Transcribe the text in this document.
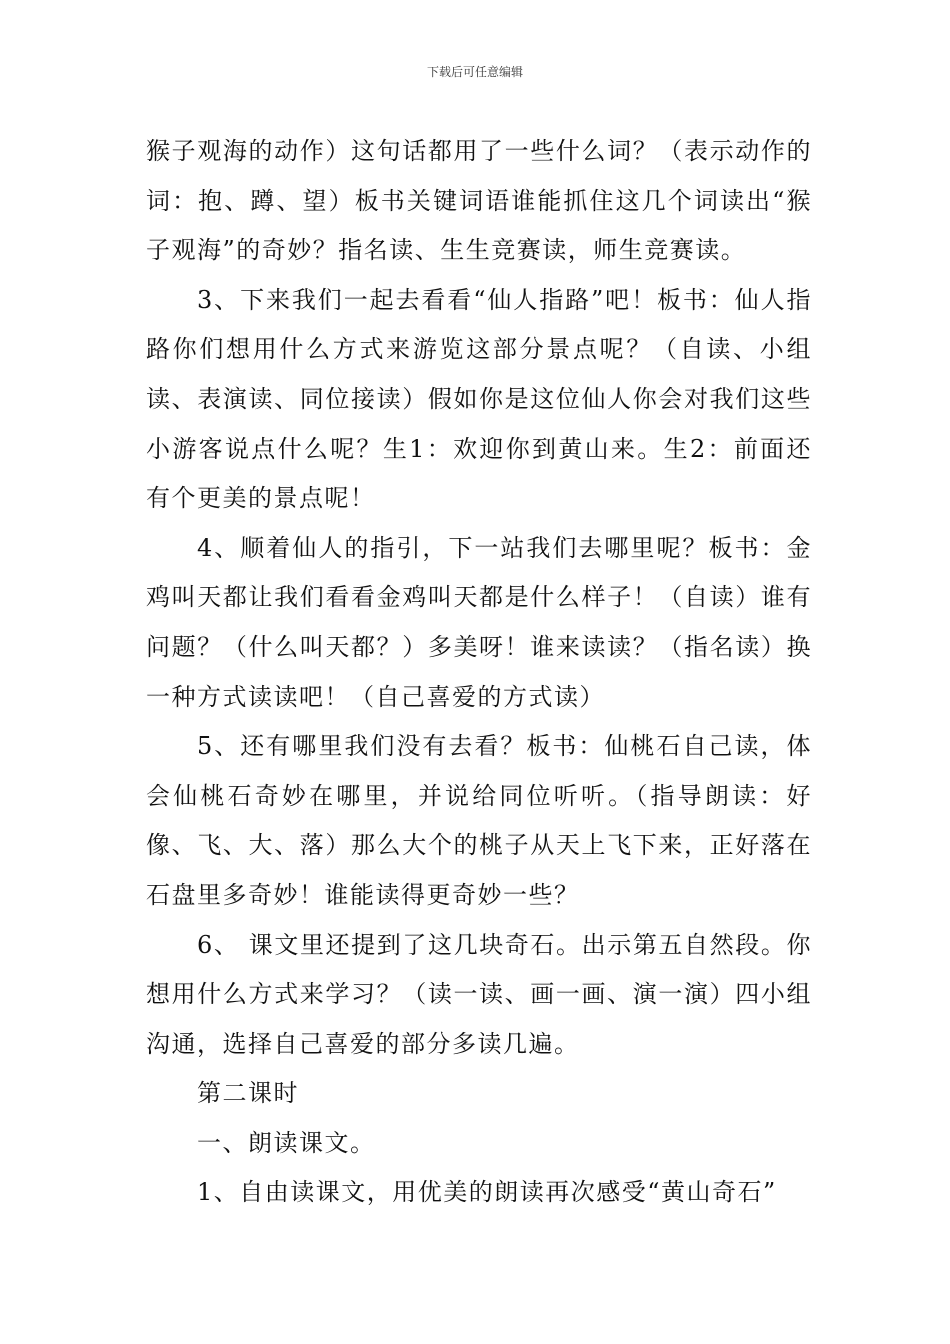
下载后可任意编辑

猴子观海的动作）这句话都用了一些什么词？（表示动作的词：抱、蹲、望）板书关键词语谁能抓住这几个词读出“猴子观海”的奇妙？指名读、生生竞赛读，师生竞赛读。

3、下来我们一起去看看“仙人指路”吧！板书：仙人指路你们想用什么方式来游览这部分景点呢？（自读、小组读、表演读、同位接读）假如你是这位仙人你会对我们这些小游客说点什么呢？生1：欢迎你到黄山来。生2：前面还有个更美的景点呢！

4、顺着仙人的指引，下一站我们去哪里呢？板书：金鸡叫天都让我们看看金鸡叫天都是什么样子！（自读）谁有问题？（什么叫天都？）多美呀！谁来读读？（指名读）换一种方式读读吧！（自己喜爱的方式读）

5、还有哪里我们没有去看？板书：仙桃石自己读，体会仙桃石奇妙在哪里，并说给同位听听。（指导朗读：好像、飞、大、落）那么大个的桃子从天上飞下来，正好落在石盘里多奇妙！谁能读得更奇妙一些？

6、 课文里还提到了这几块奇石。出示第五自然段。你想用什么方式来学习？（读一读、画一画、演一演）四小组沟通，选择自己喜爱的部分多读几遍。

第二课时

一、朗读课文。

1、自由读课文，用优美的朗读再次感受“黄山奇石”
